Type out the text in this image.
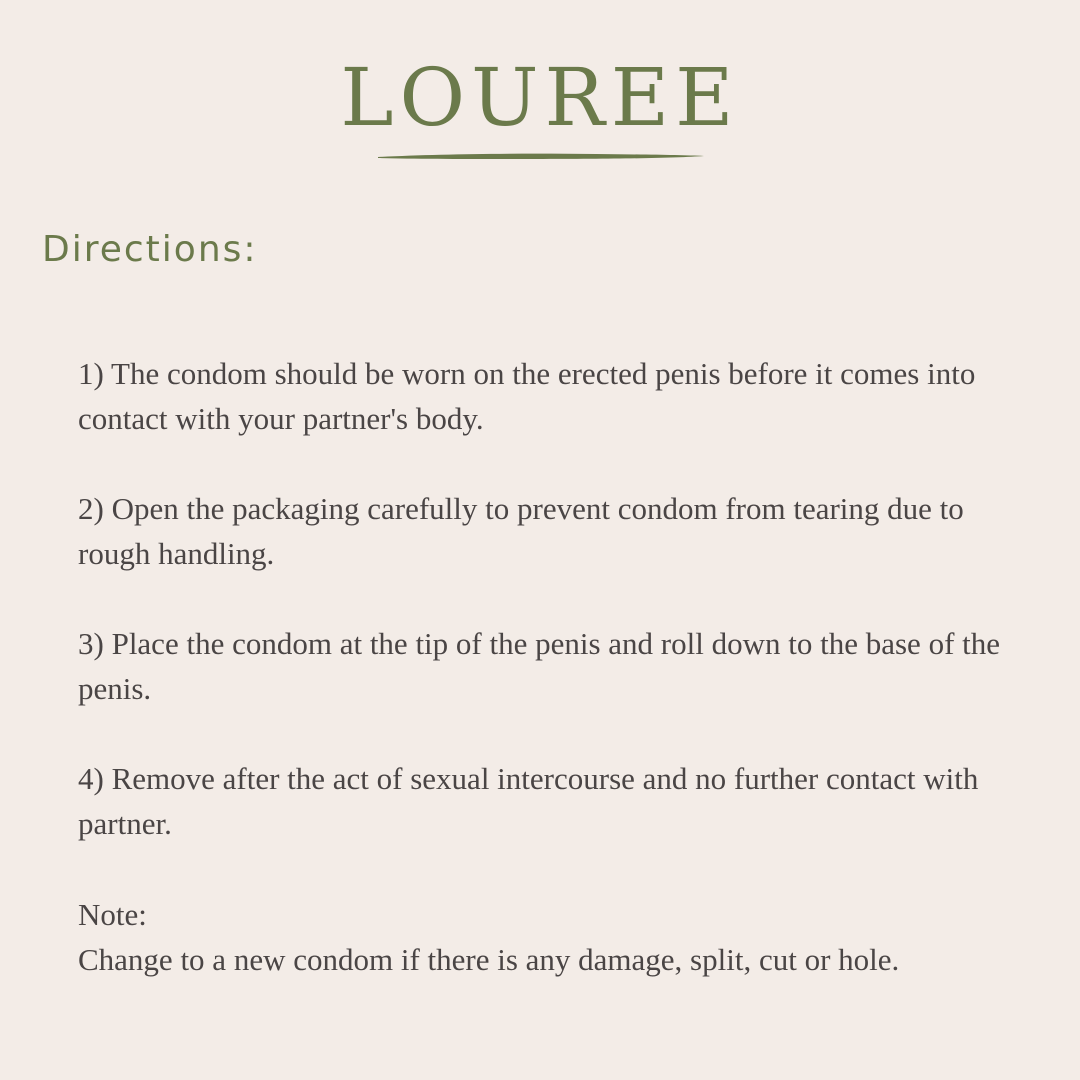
LOUREE
Directions:
1) The condom should be worn on the erected penis before it comes into contact with your partner's body.
2) Open the packaging carefully to prevent condom from tearing due to rough handling.
3) Place the condom at the tip of the penis and roll down to the base of the penis.
4) Remove after the act of sexual intercourse and no further contact with partner.
Note:
Change to a new condom if there is any damage, split, cut or hole.
